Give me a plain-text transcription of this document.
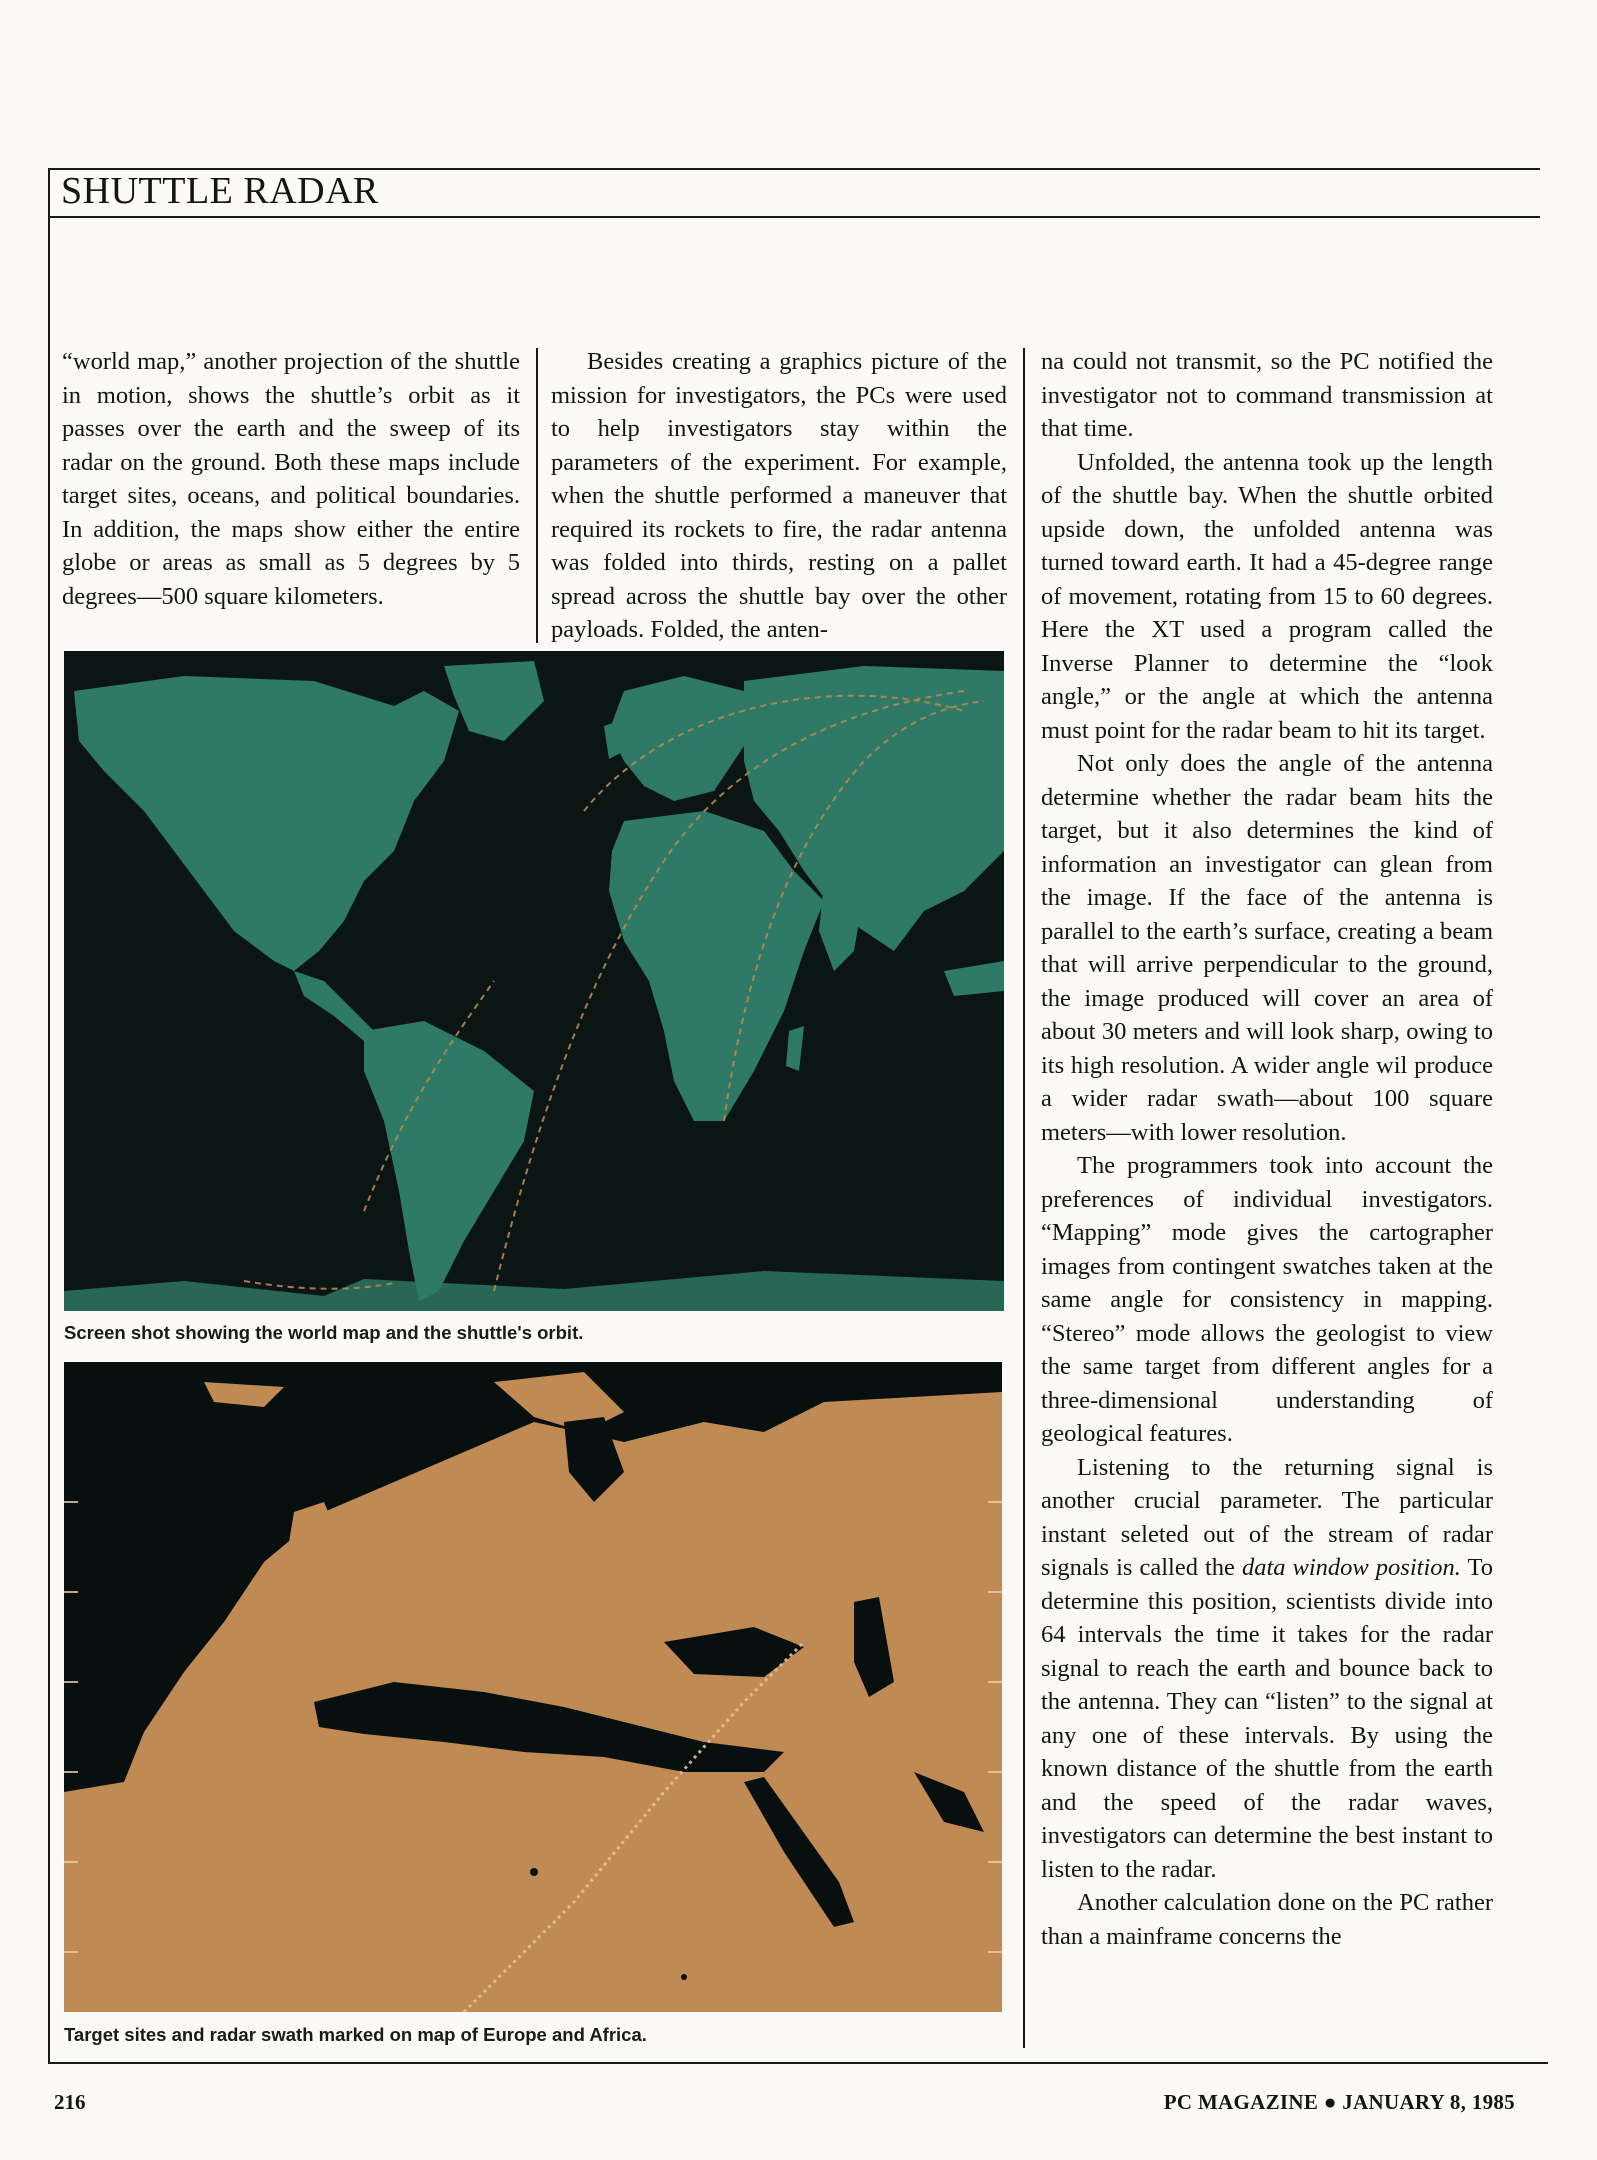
SHUTTLE RADAR

“world map,” another projection of the shuttle in motion, shows the shuttle’s orbit as it passes over the earth and the sweep of its radar on the ground. Both these maps include target sites, oceans, and political boundaries. In addition, the maps show either the entire globe or areas as small as 5 degrees by 5 degrees—500 square kilometers.

Besides creating a graphics picture of the mission for investigators, the PCs were used to help investigators stay within the parameters of the experiment. For example, when the shuttle performed a maneuver that required its rockets to fire, the radar antenna was folded into thirds, resting on a pallet spread across the shuttle bay over the other payloads. Folded, the anten-

na could not transmit, so the PC notified the investigator not to command transmission at that time.

Unfolded, the antenna took up the length of the shuttle bay. When the shuttle orbited upside down, the unfolded antenna was turned toward earth. It had a 45-degree range of movement, rotating from 15 to 60 degrees. Here the XT used a program called the Inverse Planner to determine the “look angle,” or the angle at which the antenna must point for the radar beam to hit its target.

Not only does the angle of the antenna determine whether the radar beam hits the target, but it also determines the kind of information an investigator can glean from the image. If the face of the antenna is parallel to the earth’s surface, creating a beam that will arrive perpendicular to the ground, the image produced will cover an area of about 30 meters and will look sharp, owing to its high resolution. A wider angle wil produce a wider radar swath—about 100 square meters—with lower resolution.

The programmers took into account the preferences of individual investigators. “Mapping” mode gives the cartographer images from contingent swatches taken at the same angle for consistency in mapping. “Stereo” mode allows the geologist to view the same target from different angles for a three-dimensional understanding of geological features.

Listening to the returning signal is another crucial parameter. The particular instant seleted out of the stream of radar signals is called the data window position. To determine this position, scientists divide into 64 intervals the time it takes for the radar signal to reach the earth and bounce back to the antenna. They can “listen” to the signal at any one of these intervals. By using the known distance of the shuttle from the earth and the speed of the radar waves, investigators can determine the best instant to listen to the radar.

Another calculation done on the PC rather than a mainframe concerns the

Screen shot showing the world map and the shuttle's orbit.
Target sites and radar swath marked on map of Europe and Africa.
216	PC MAGAZINE ● JANUARY 8, 1985
